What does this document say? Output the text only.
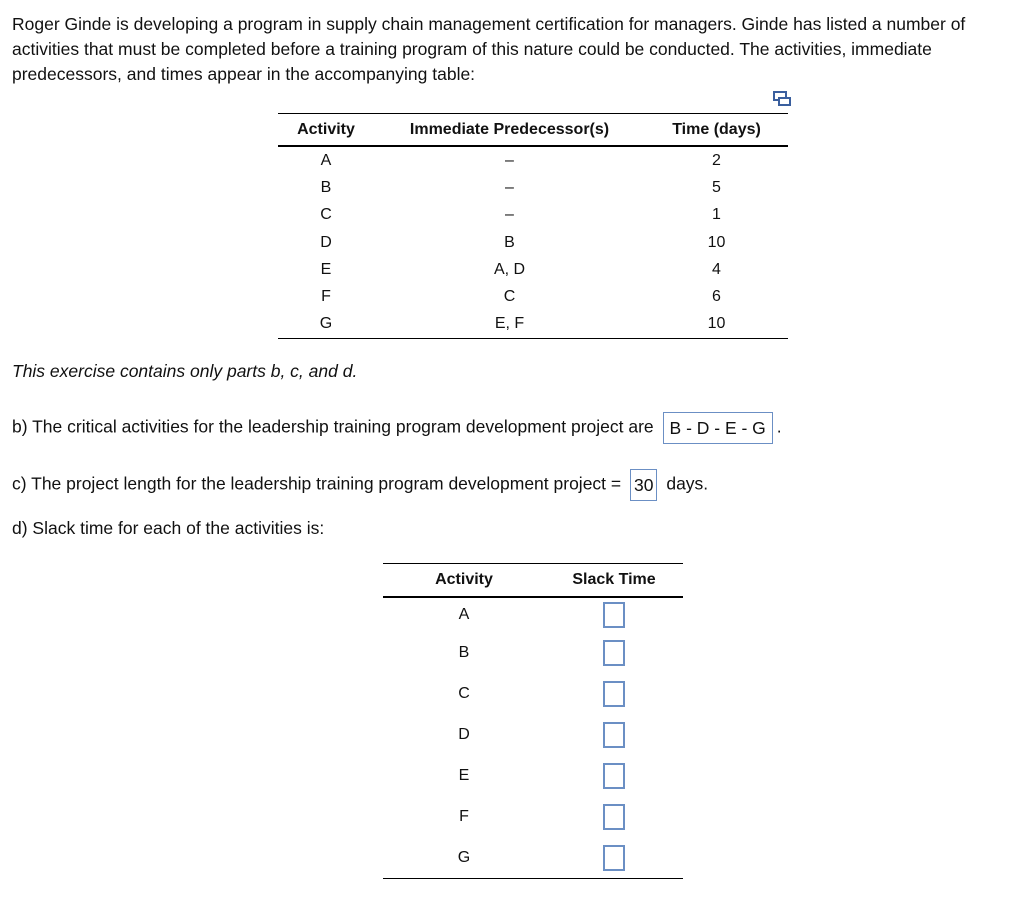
Roger Ginde is developing a program in supply chain management certification for managers. Ginde has listed a number of activities that must be completed before a training program of this nature could be conducted. The activities, immediate predecessors, and times appear in the accompanying table:

Activity	Immediate Predecessor(s)	Time (days)
A	–	2
B	–	5
C	–	1
D	B	10
E	A, D	4
F	C	6
G	E, F	10

This exercise contains only parts b, c, and d.

b) The critical activities for the leadership training program development project are B - D - E - G .

c) The project length for the leadership training program development project = 30 days.

d) Slack time for each of the activities is:

Activity	Slack Time
A	
B	
C	
D	
E	
F	
G	
